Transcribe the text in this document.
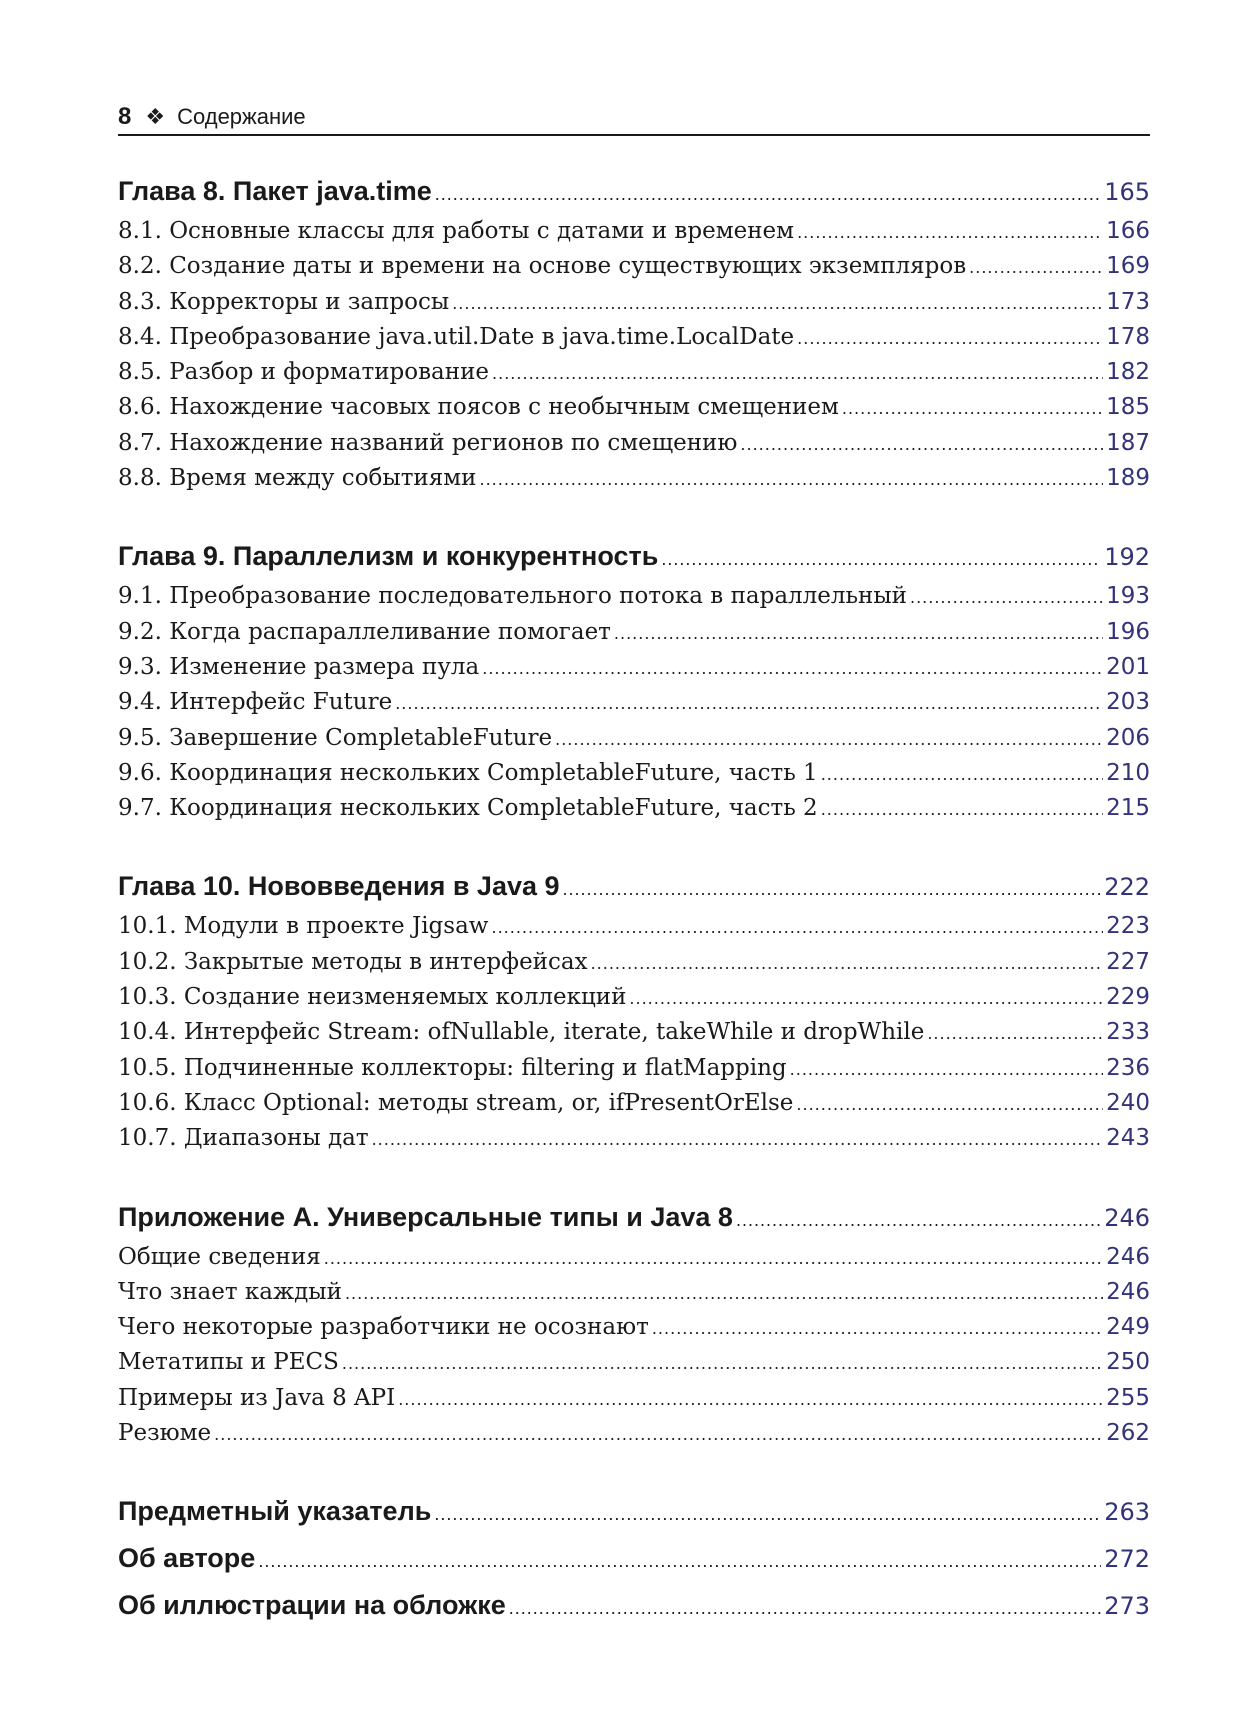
8 ❖ Содержание
Глава 8. Пакет java.time .....	165
8.1. Основные классы для работы с датами и временем .....	166
8.2. Создание даты и времени на основе существующих экземпляров .....	169
8.3. Корректоры и запросы .....	173
8.4. Преобразование java.util.Date в java.time.LocalDate .....	178
8.5. Разбор и форматирование .....	182
8.6. Нахождение часовых поясов с необычным смещением .....	185
8.7. Нахождение названий регионов по смещению .....	187
8.8. Время между событиями .....	189
Глава 9. Параллелизм и конкурентность .....	192
9.1. Преобразование последовательного потока в параллельный .....	193
9.2. Когда распараллеливание помогает .....	196
9.3. Изменение размера пула .....	201
9.4. Интерфейс Future .....	203
9.5. Завершение CompletableFuture .....	206
9.6. Координация нескольких CompletableFuture, часть 1 .....	210
9.7. Координация нескольких CompletableFuture, часть 2 .....	215
Глава 10. Нововведения в Java 9 .....	222
10.1. Модули в проекте Jigsaw .....	223
10.2. Закрытые методы в интерфейсах .....	227
10.3. Создание неизменяемых коллекций .....	229
10.4. Интерфейс Stream: ofNullable, iterate, takeWhile и dropWhile .....	233
10.5. Подчиненные коллекторы: filtering и flatMapping .....	236
10.6. Класс Optional: методы stream, or, ifPresentOrElse .....	240
10.7. Диапазоны дат .....	243
Приложение А. Универсальные типы и Java 8 .....	246
Общие сведения .....	246
Что знает каждый .....	246
Чего некоторые разработчики не осознают .....	249
Метатипы и PECS .....	250
Примеры из Java 8 API .....	255
Резюме .....	262
Предметный указатель .....	263
Об авторе .....	272
Об иллюстрации на обложке .....	273
